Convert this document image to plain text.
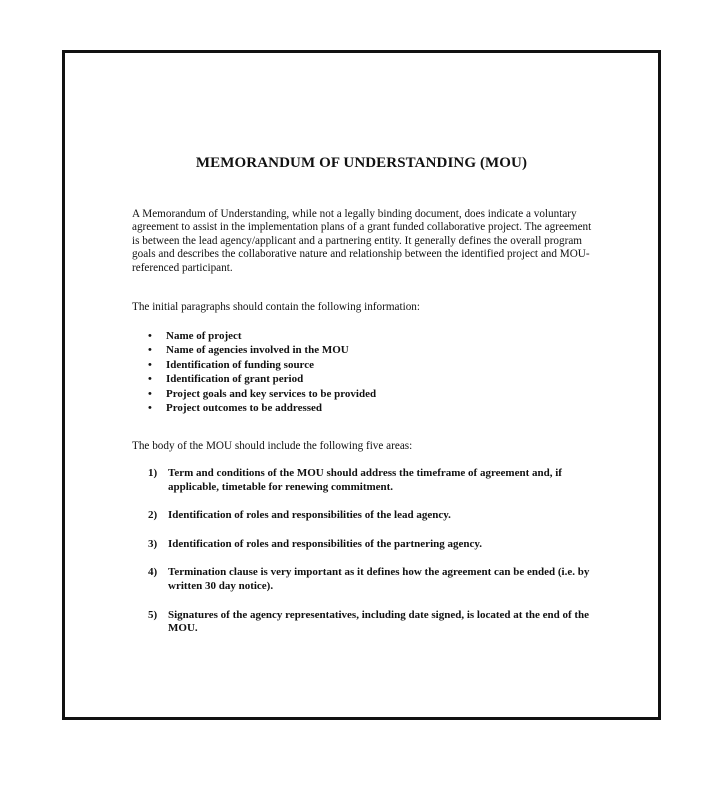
MEMORANDUM OF UNDERSTANDING (MOU)

A Memorandum of Understanding, while not a legally binding document, does indicate a voluntary agreement to assist in the implementation plans of a grant funded collaborative project. The agreement is between the lead agency/applicant and a partnering entity. It generally defines the overall program goals and describes the collaborative nature and relationship between the identified project and MOU-referenced participant.

The initial paragraphs should contain the following information:

• Name of project
• Name of agencies involved in the MOU
• Identification of funding source
• Identification of grant period
• Project goals and key services to be provided
• Project outcomes to be addressed

The body of the MOU should include the following five areas:

1) Term and conditions of the MOU should address the timeframe of agreement and, if applicable, timetable for renewing commitment.
2) Identification of roles and responsibilities of the lead agency.
3) Identification of roles and responsibilities of the partnering agency.
4) Termination clause is very important as it defines how the agreement can be ended (i.e. by written 30 day notice).
5) Signatures of the agency representatives, including date signed, is located at the end of the MOU.
